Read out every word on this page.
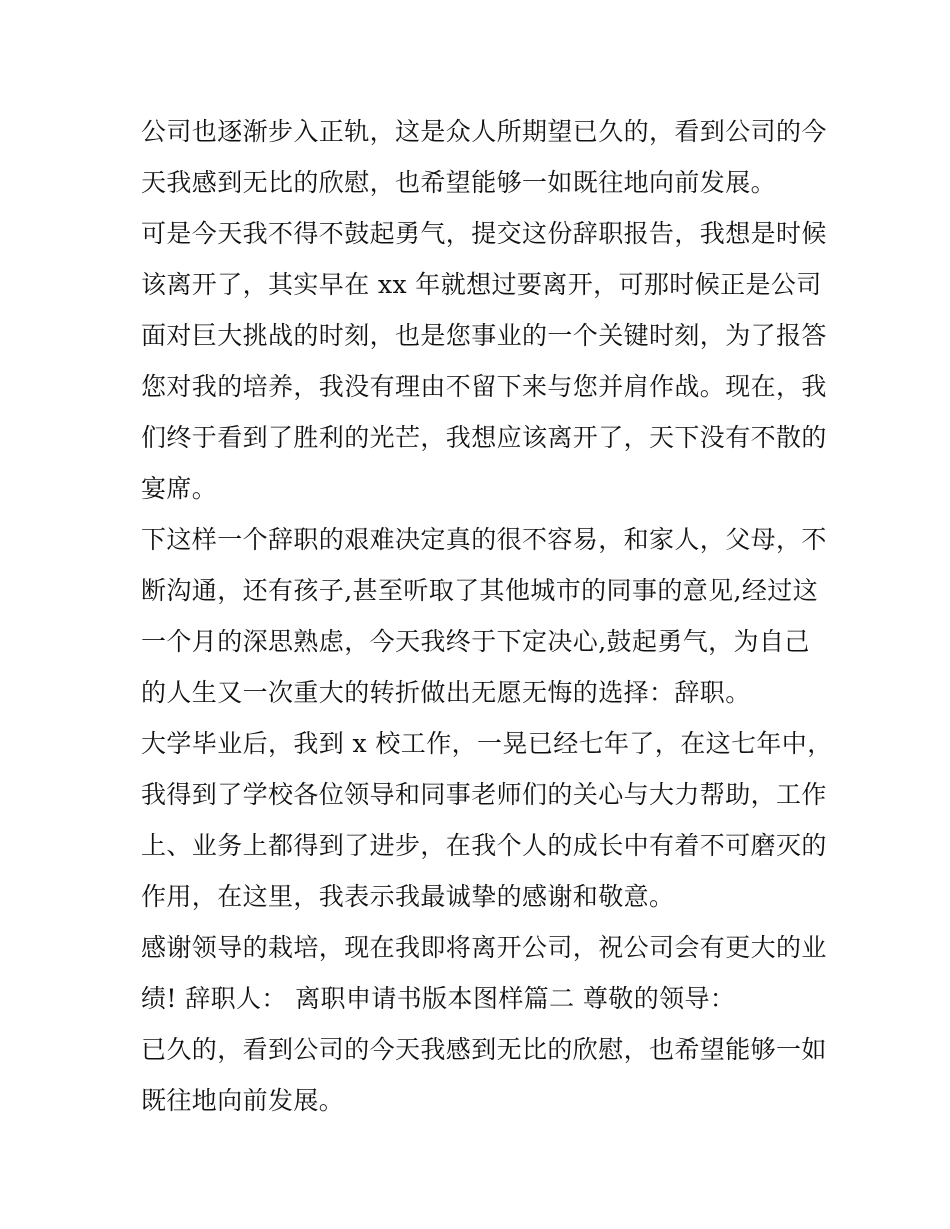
公司也逐渐步入正轨，这是众人所期望已久的，看到公司的今
天我感到无比的欣慰，也希望能够一如既往地向前发展。
可是今天我不得不鼓起勇气，提交这份辞职报告，我想是时候
该离开了，其实早在 xx 年就想过要离开，可那时候正是公司
面对巨大挑战的时刻，也是您事业的一个关键时刻，为了报答
您对我的培养，我没有理由不留下来与您并肩作战。现在，我
们终于看到了胜利的光芒，我想应该离开了，天下没有不散的
宴席。
下这样一个辞职的艰难决定真的很不容易，和家人，父母，不
断沟通，还有孩子,甚至听取了其他城市的同事的意见,经过这
一个月的深思熟虑，今天我终于下定决心,鼓起勇气，为自己
的人生又一次重大的转折做出无愿无悔的选择：辞职。
大学毕业后，我到 x 校工作，一晃已经七年了，在这七年中，
我得到了学校各位领导和同事老师们的关心与大力帮助，工作
上、业务上都得到了进步，在我个人的成长中有着不可磨灭的
作用，在这里，我表示我最诚挚的感谢和敬意。
感谢领导的栽培，现在我即将离开公司，祝公司会有更大的业
绩! 辞职人： 离职申请书版本图样篇二 尊敬的领导：
已久的，看到公司的今天我感到无比的欣慰，也希望能够一如
既往地向前发展。
